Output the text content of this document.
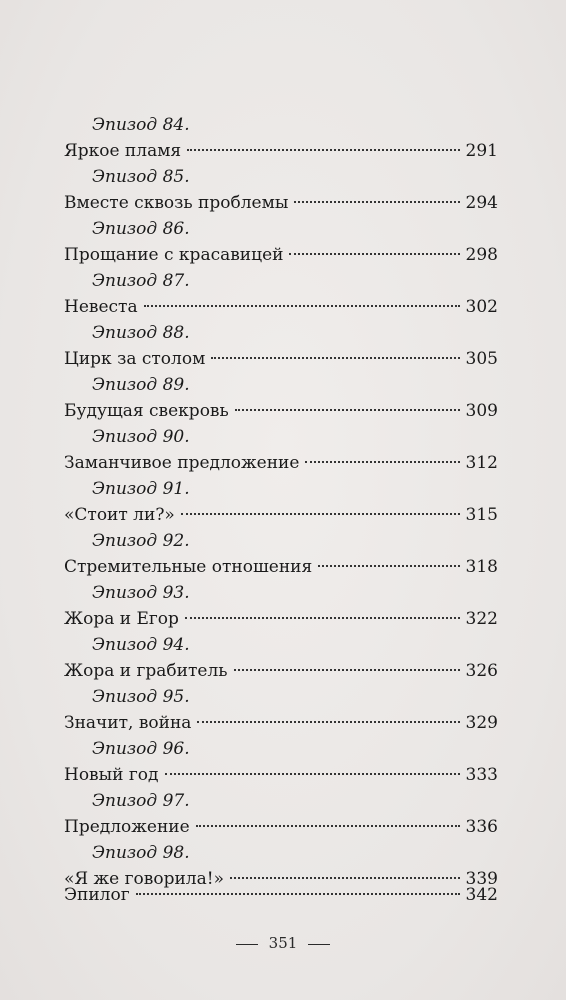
Эпизод 84.
Яркое пламя	291
Эпизод 85.
Вместе сквозь проблемы	294
Эпизод 86.
Прощание с красавицей	298
Эпизод 87.
Невеста	302
Эпизод 88.
Цирк за столом	305
Эпизод 89.
Будущая свекровь	309
Эпизод 90.
Заманчивое предложение	312
Эпизод 91.
«Стоит ли?»	315
Эпизод 92.
Стремительные отношения	318
Эпизод 93.
Жора и Егор	322
Эпизод 94.
Жора и грабитель	326
Эпизод 95.
Значит, война	329
Эпизод 96.
Новый год	333
Эпизод 97.
Предложение	336
Эпизод 98.
«Я же говорила!»	339
Эпилог	342
351
